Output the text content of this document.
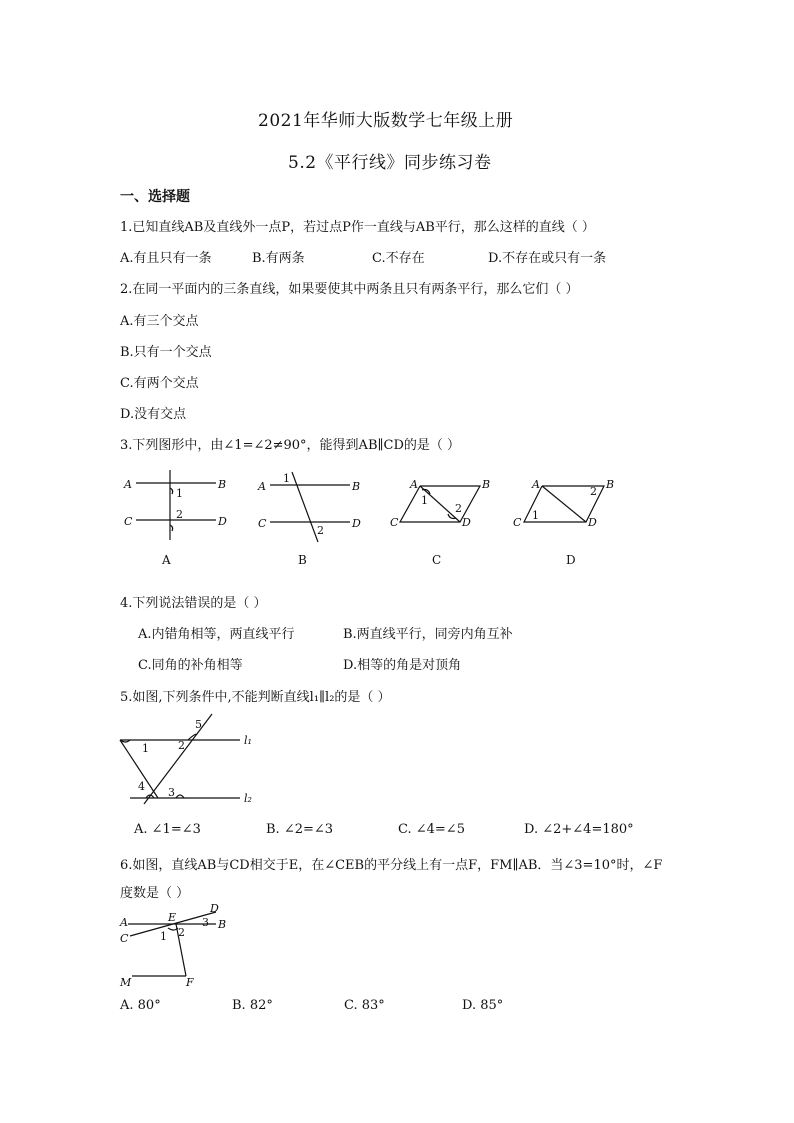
2021年华师大版数学七年级上册
5.2《平行线》同步练习卷
一、选择题
1.已知直线AB及直线外一点P，若过点P作一直线与AB平行，那么这样的直线（ ）
A.有且只有一条	B.有两条	C.不存在	D.不存在或只有一条
2.在同一平面内的三条直线，如果要使其中两条且只有两条平行，那么它们（ ）
A.有三个交点
B.只有一个交点
C.有两个交点
D.没有交点
3.下列图形中，由∠1=∠2≠90°，能得到AB∥CD的是（ ）
A	B
C	D
1
2
A
A	B
C	D
1
2
B
A	B
C	D
1
2
C
A	B
C	D
1
2
D
4.下列说法错误的是（ ）
A.内错角相等，两直线平行	B.两直线平行，同旁内角互补
C.同角的补角相等	D.相等的角是对顶角
5.如图,下列条件中,不能判断直线l₁∥l₂的是（ ）
l₁
l₂
1	2
3
4
5
A. ∠1=∠3	B. ∠2=∠3	C. ∠4=∠5	D. ∠2+∠4=180°
6.如图，直线AB与CD相交于E，在∠CEB的平分线上有一点F，FM∥AB．当∠3=10°时，∠F
度数是（ ）
A	B
C
D
E
F
M
1 2
3
A. 80°	B. 82°	C. 83°	D. 85°
